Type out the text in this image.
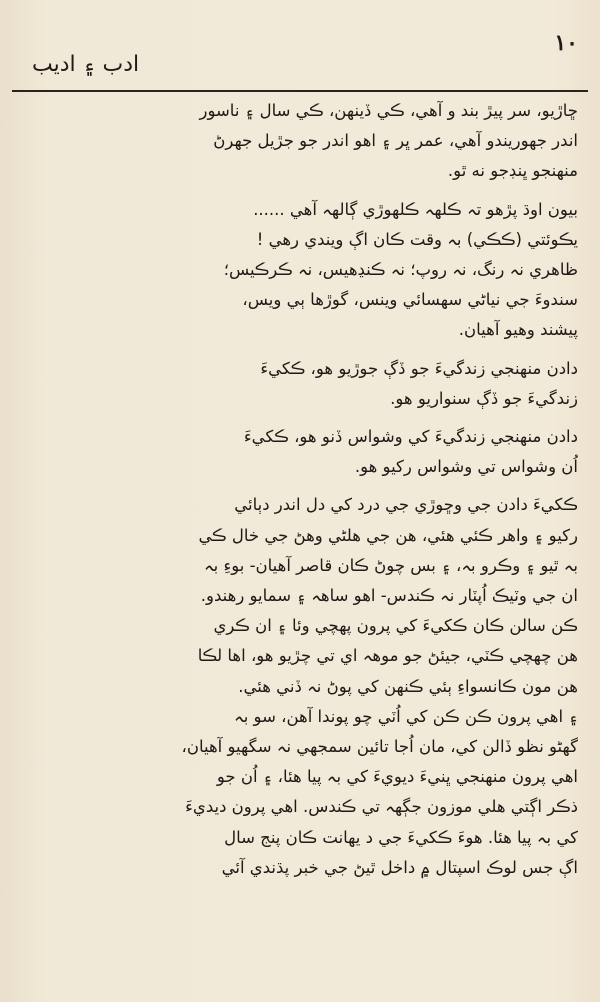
١٠
ادب ۽ اديب

ڇاڙيو، سر پيڙ بند و آهي، ڪي ڏينهن، ڪي سال ۽ ناسور
اندر جهوريندو آهي، عمر ڀر ۽ اهو اندر جو جڙيل جهرڻ
منهنجو ڀنڊجو نه ٿو.

بيون اوڌ پڙهو تہ ڪلهہ ڪلهوڙي ڳالهہ آهي ......
يڪوئتي (ڪڪي) بہ وقت ڪان اڳ ويندي رهي !
ظاهري نہ رنگ، نہ روپ؛ نہ ڪنڍهيس، نہ ڪرڪيس؛
سندوءَ جي نياڻي سهسائي وينس، گوڙها ٻي ويس،
پيشند وهيو آهيان.

دادن منهنجي زندگيءَ جو ڏڳ جوڙيو هو، ڪکيءَ
زندگيءَ جو ڏڳ سنواريو هو.

دادن منهنجي زندگيءَ کي وشواس ڏنو هو، ڪکيءَ
اُن وشواس تي وشواس رکيو هو.

ڪکيءَ دادن جي وڇوڙي جي درد کي دل اندر دٻائي
رکيو ۽ واهر ڪئي هئي، هن جي هلڻي وهڻ جي خال ڪي
بہ ٿيو ۽ وڪرو بہ، ۽ بس چوڻ ڪان قاصر آهيان- بوءِ بہ
ان جي وٽيڪ اُپٽار نہ ڪندس- اهو ساهہ ۽ سمايو رهندو.
ڪن سالن ڪان ڪکيءَ کي پرون پهچي وئا ۽ ان ڪري
هن چهچي ڪٽي، جيئڻ جو موهہ اي تي چڙيو هو، اها لڪا
هن مون ڪانسواءِ ٻئي ڪنهن کي پوڻ نہ ڏني هئي.

۽ اهي پرون ڪن ڪن کي اُٽي چو پوندا آهن، سو بہ
گهڻو نظو ڏالن کي، مان اُجا تائين سمجهي نہ سگهيو آهيان،
اهي پرون منهنجي ڀنيءَ ديويءَ کي بہ پيا هئا، ۽ اُن جو
ذڪر اڳتي هلي موزون جڳهہ تي ڪندس. اهي پرون ديديءَ
کي بہ پيا هئا. هوءَ ڪکيءَ جي د يهانت ڪان پنج سال
اڳ جس لوڪ اسپتال ۾ داخل ٿيڻ جي خبر پڌندي آئي
